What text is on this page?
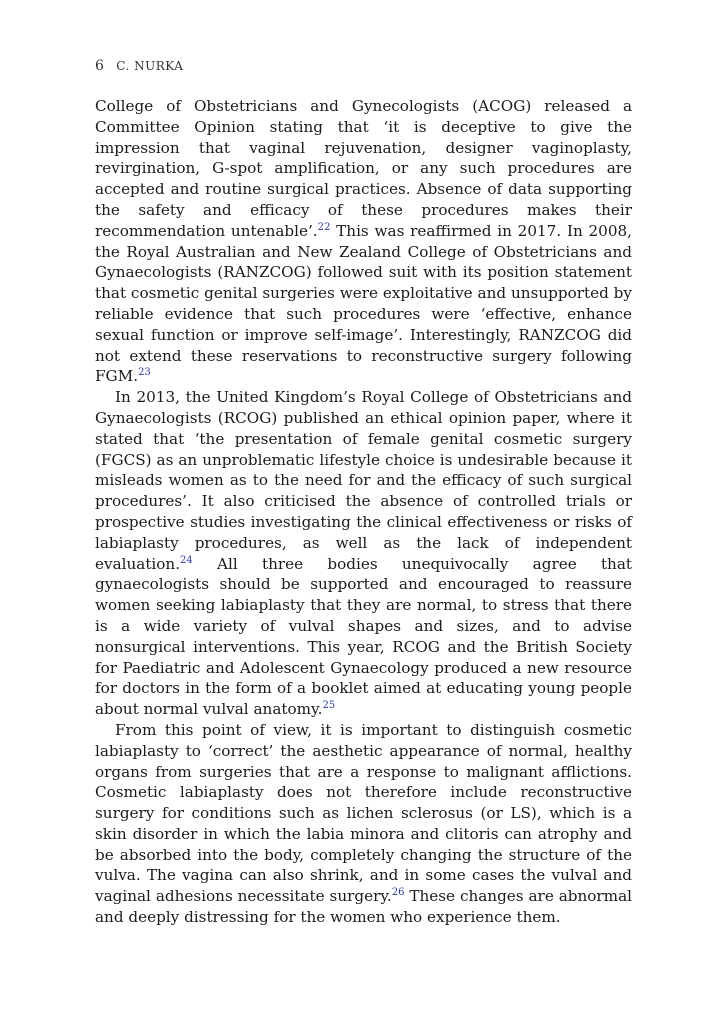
6 C. NURKA

College of Obstetricians and Gynecologists (ACOG) released a Committee Opinion stating that ‘it is deceptive to give the impression that vaginal rejuvenation, designer vaginoplasty, revirgination, G-spot amplification, or any such procedures are accepted and routine surgical practices. Absence of data supporting the safety and efficacy of these procedures makes their recommendation untenable’.$^{22}$ This was reaffirmed in 2017. In 2008, the Royal Australian and New Zealand College of Obstetricians and Gynaecologists (RANZCOG) followed suit with its position statement that cosmetic genital surgeries were exploitative and unsupported by reliable evidence that such procedures were ‘effective, enhance sexual function or improve self-image’. Interestingly, RANZCOG did not extend these reservations to reconstructive surgery following FGM.$^{23}$

In 2013, the United Kingdom’s Royal College of Obstetricians and Gynaecologists (RCOG) published an ethical opinion paper, where it stated that ‘the presentation of female genital cosmetic surgery (FGCS) as an unproblematic lifestyle choice is undesirable because it misleads women as to the need for and the efficacy of such surgical procedures’. It also criticised the absence of controlled trials or prospective studies investigating the clinical effectiveness or risks of labiaplasty procedures, as well as the lack of independent evaluation.$^{24}$ All three bodies unequivocally agree that gynaecologists should be supported and encouraged to reassure women seeking labiaplasty that they are normal, to stress that there is a wide variety of vulval shapes and sizes, and to advise nonsurgical interventions. This year, RCOG and the British Society for Paediatric and Adolescent Gynaecology produced a new resource for doctors in the form of a booklet aimed at educating young people about normal vulval anatomy.$^{25}$

From this point of view, it is important to distinguish cosmetic labiaplasty to ‘correct’ the aesthetic appearance of normal, healthy organs from surgeries that are a response to malignant afflictions. Cosmetic labiaplasty does not therefore include reconstructive surgery for conditions such as lichen sclerosus (or LS), which is a skin disorder in which the labia minora and clitoris can atrophy and be absorbed into the body, completely changing the structure of the vulva. The vagina can also shrink, and in some cases the vulval and vaginal adhesions necessitate surgery.$^{26}$ These changes are abnormal and deeply distressing for the women who experience them.
